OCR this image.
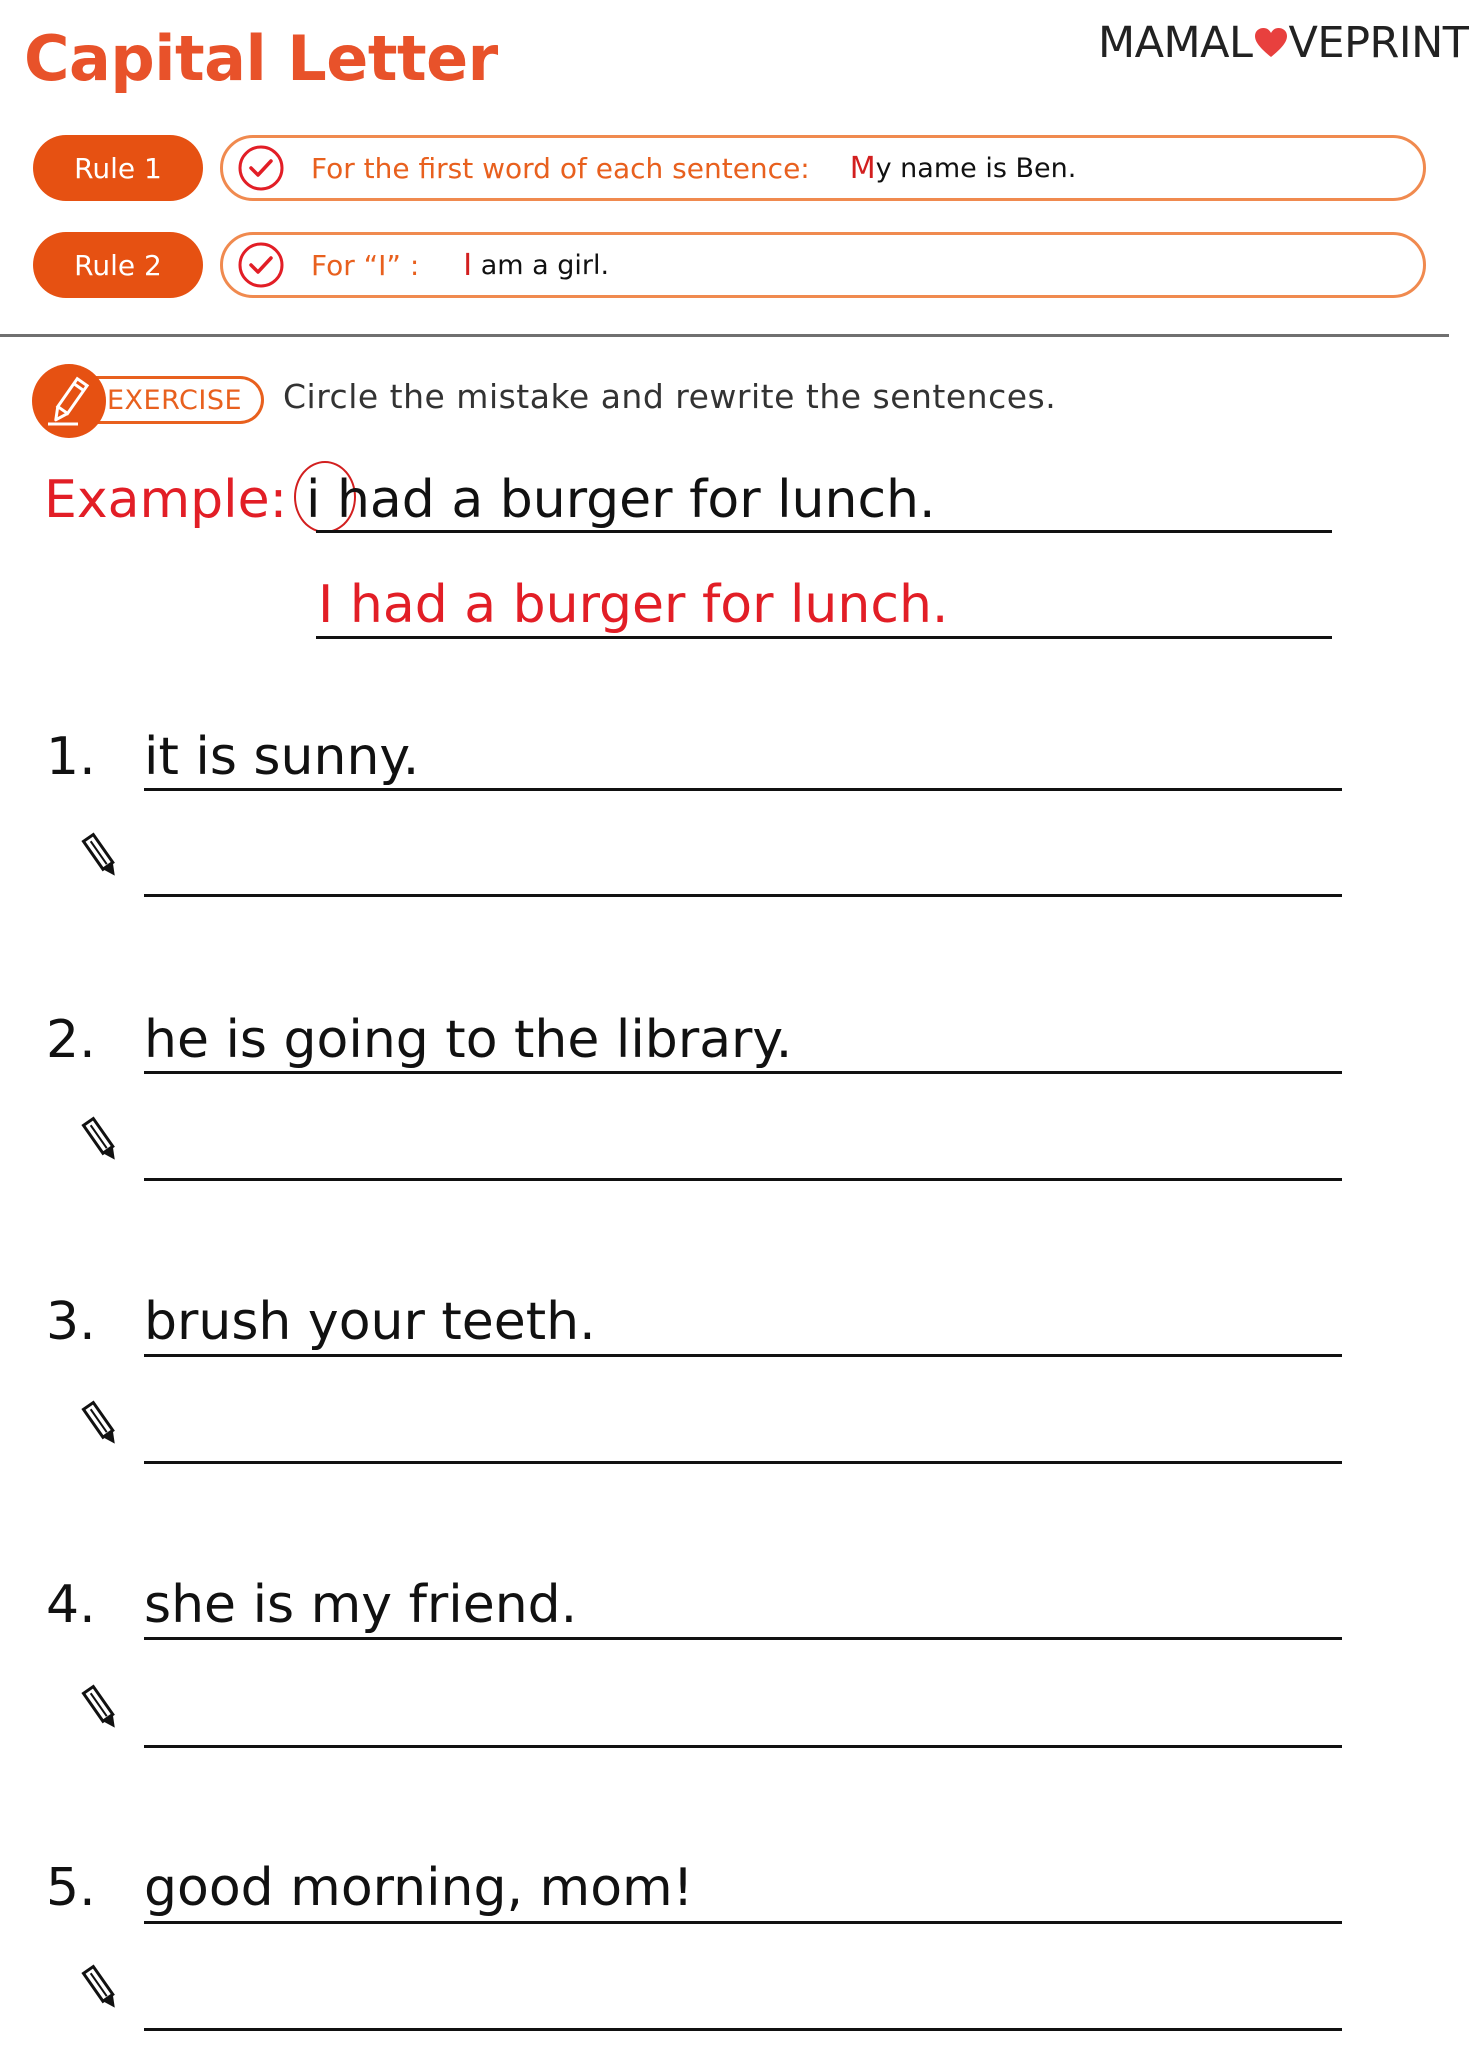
Capital Letter	MAMAL VEPRINT
Rule 1	For the first word of each sentence: M y name is Ben.
Rule 2	For “I” : I am a girl.
EXERCISE	Circle the mistake and rewrite the sentences.
Example: i had a burger for lunch.
I had a burger for lunch.
1. it is sunny.
2. he is going to the library.
3. brush your teeth.
4. she is my friend.
5. good morning, mom!
